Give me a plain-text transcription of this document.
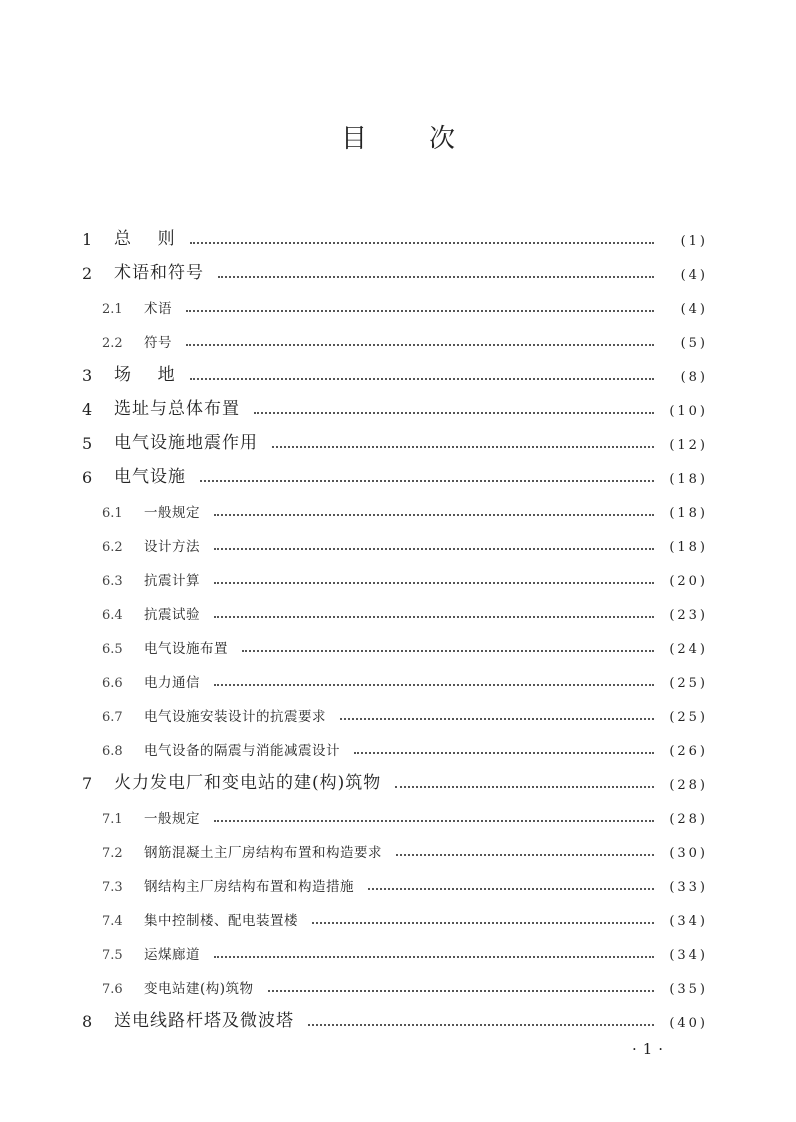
目次
1	总    则	(1)
2	术语和符号	(4)
2.1	术语	(4)
2.2	符号	(5)
3	场    地	(8)
4	选址与总体布置	(10)
5	电气设施地震作用	(12)
6	电气设施	(18)
6.1	一般规定	(18)
6.2	设计方法	(18)
6.3	抗震计算	(20)
6.4	抗震试验	(23)
6.5	电气设施布置	(24)
6.6	电力通信	(25)
6.7	电气设施安装设计的抗震要求	(25)
6.8	电气设备的隔震与消能减震设计	(26)
7	火力发电厂和变电站的建(构)筑物	(28)
7.1	一般规定	(28)
7.2	钢筋混凝土主厂房结构布置和构造要求	(30)
7.3	钢结构主厂房结构布置和构造措施	(33)
7.4	集中控制楼、配电装置楼	(34)
7.5	运煤廊道	(34)
7.6	变电站建(构)筑物	(35)
8	送电线路杆塔及微波塔	(40)
·1·
